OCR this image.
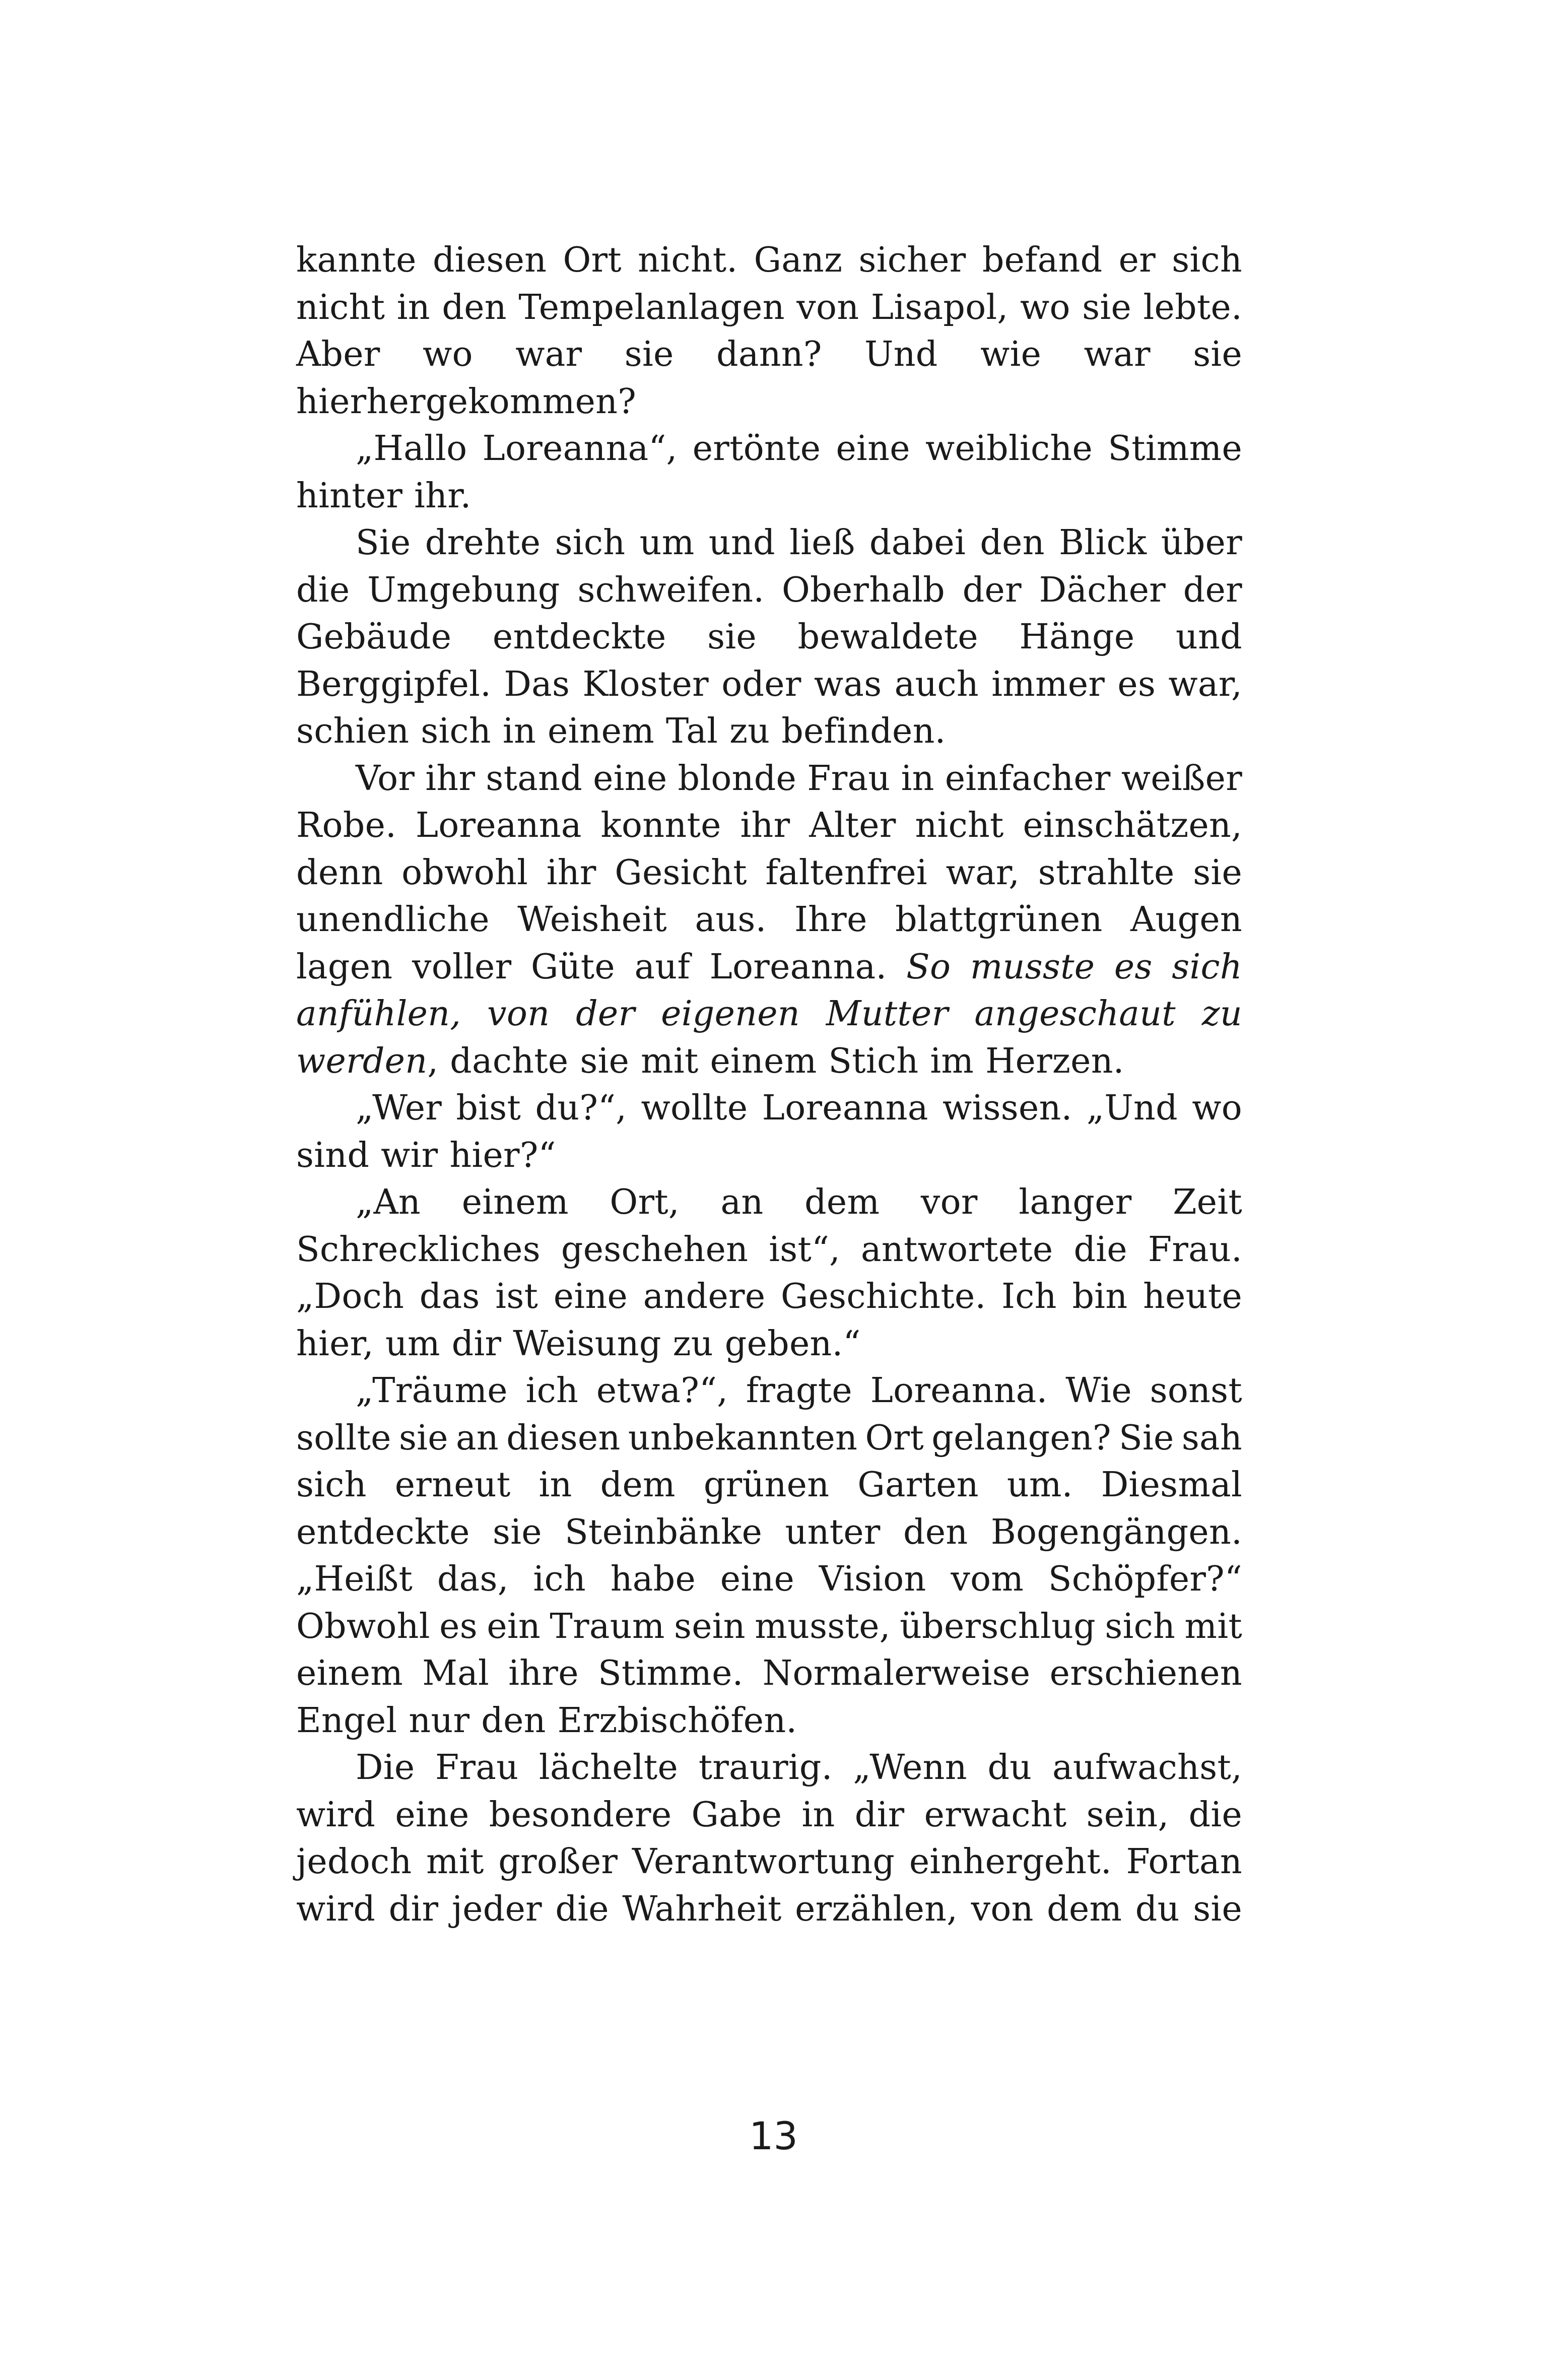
kannte diesen Ort nicht. Ganz sicher befand er sich
nicht in den Tempelanlagen von Lisapol, wo sie lebte.
Aber wo war sie dann? Und wie war sie
hierhergekommen?
„Hallo Loreanna“, ertönte eine weibliche Stimme
hinter ihr.
Sie drehte sich um und ließ dabei den Blick über
die Umgebung schweifen. Oberhalb der Dächer der
Gebäude entdeckte sie bewaldete Hänge und
Berggipfel. Das Kloster oder was auch immer es war,
schien sich in einem Tal zu befinden.
Vor ihr stand eine blonde Frau in einfacher weißer
Robe. Loreanna konnte ihr Alter nicht einschätzen,
denn obwohl ihr Gesicht faltenfrei war, strahlte sie
unendliche Weisheit aus. Ihre blattgrünen Augen
lagen voller Güte auf Loreanna. So musste es sich
anfühlen, von der eigenen Mutter angeschaut zu
werden, dachte sie mit einem Stich im Herzen.
„Wer bist du?“, wollte Loreanna wissen. „Und wo
sind wir hier?“
„An einem Ort, an dem vor langer Zeit
Schreckliches geschehen ist“, antwortete die Frau.
„Doch das ist eine andere Geschichte. Ich bin heute
hier, um dir Weisung zu geben.“
„Träume ich etwa?“, fragte Loreanna. Wie sonst
sollte sie an diesen unbekannten Ort gelangen? Sie sah
sich erneut in dem grünen Garten um. Diesmal
entdeckte sie Steinbänke unter den Bogengängen.
„Heißt das, ich habe eine Vision vom Schöpfer?“
Obwohl es ein Traum sein musste, überschlug sich mit
einem Mal ihre Stimme. Normalerweise erschienen
Engel nur den Erzbischöfen.
Die Frau lächelte traurig. „Wenn du aufwachst,
wird eine besondere Gabe in dir erwacht sein, die
jedoch mit großer Verantwortung einhergeht. Fortan
wird dir jeder die Wahrheit erzählen, von dem du sie
13
